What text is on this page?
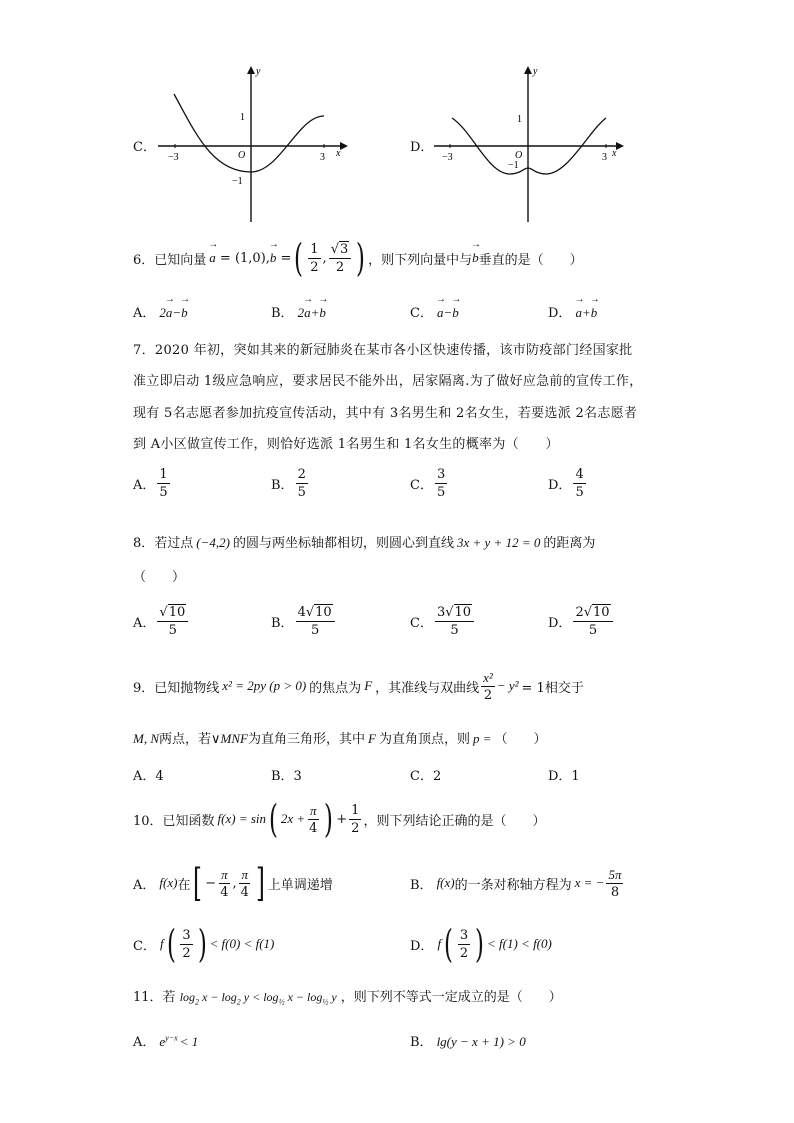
C．
y
x
O
1
−1
−3	3
D．
y
x
O
1
−1
−3	3
6． 已知向量 → a = (1,0),→ b = ( $\frac{1}{2}$ , $\frac{√3}{2}$ ) ，则下列向量中与 → b 垂直的是（　　）
A． 2→ a−→ b	B． 2→ a+→ b	C． → a−→ b	D． → a+→ b
7．2020 年初，突如其来的新冠肺炎在某市各小区快速传播，该市防疫部门经国家批
准立即启动 1级应急响应，要求居民不能外出，居家隔离.为了做好应急前的宣传工作，
现有 5名志愿者参加抗疫宣传活动，其中有 3名男生和 2名女生，若要选派 2名志愿者
到 A小区做宣传工作，则恰好选派 1名男生和 1名女生的概率为（　　）
A． $\frac{1}{5}$	B． $\frac{2}{5}$	C． $\frac{3}{5}$	D． $\frac{4}{5}$
8．若过点 (−4,2) 的圆与两坐标轴都相切，则圆心到直线 3x + y + 12 = 0 的距离为
（　　）
A． $\frac{√10}{5}$	B． $\frac{4√10}{5}$	C． $\frac{3√10}{5}$	D． $\frac{2√10}{5}$
9．已知抛物线 x² = 2py (p > 0) 的焦点为 F ，其准线与双曲线 $\frac{\text{x²}}{2} - y^2 = 1$相交于
M, N两点，若∨MNF为直角三角形，其中 F 为直角顶点，则 p = （　　）
A．4	B．3	C．2	D．1
10．已知函数 f(x) = sin ( $2x + \frac{\pi}{4}$ ) + $\frac{1}{2}$ ，则下列结论正确的是（　　）
A． f(x) 在 [ − $\frac{\pi}{4}$ , $\frac{\pi}{4}$ ] 上单调递增	B． f(x) 的一条对称轴方程为 x = − $\frac{5\pi}{8}$
C． f ( $\frac{3}{2}$ ) < f(0) < f(1)	D． f ( $\frac{3}{2}$ ) < f(1) < f(0)
11．若 $\log_2 x - \log_2 y < \log_{\frac{1}{2}} x - \log_{\frac{1}{2}} y$ ，则下列不等式一定成立的是（　　）
A． $e^{y-x} < 1$	B． lg(y − x + 1) > 0
